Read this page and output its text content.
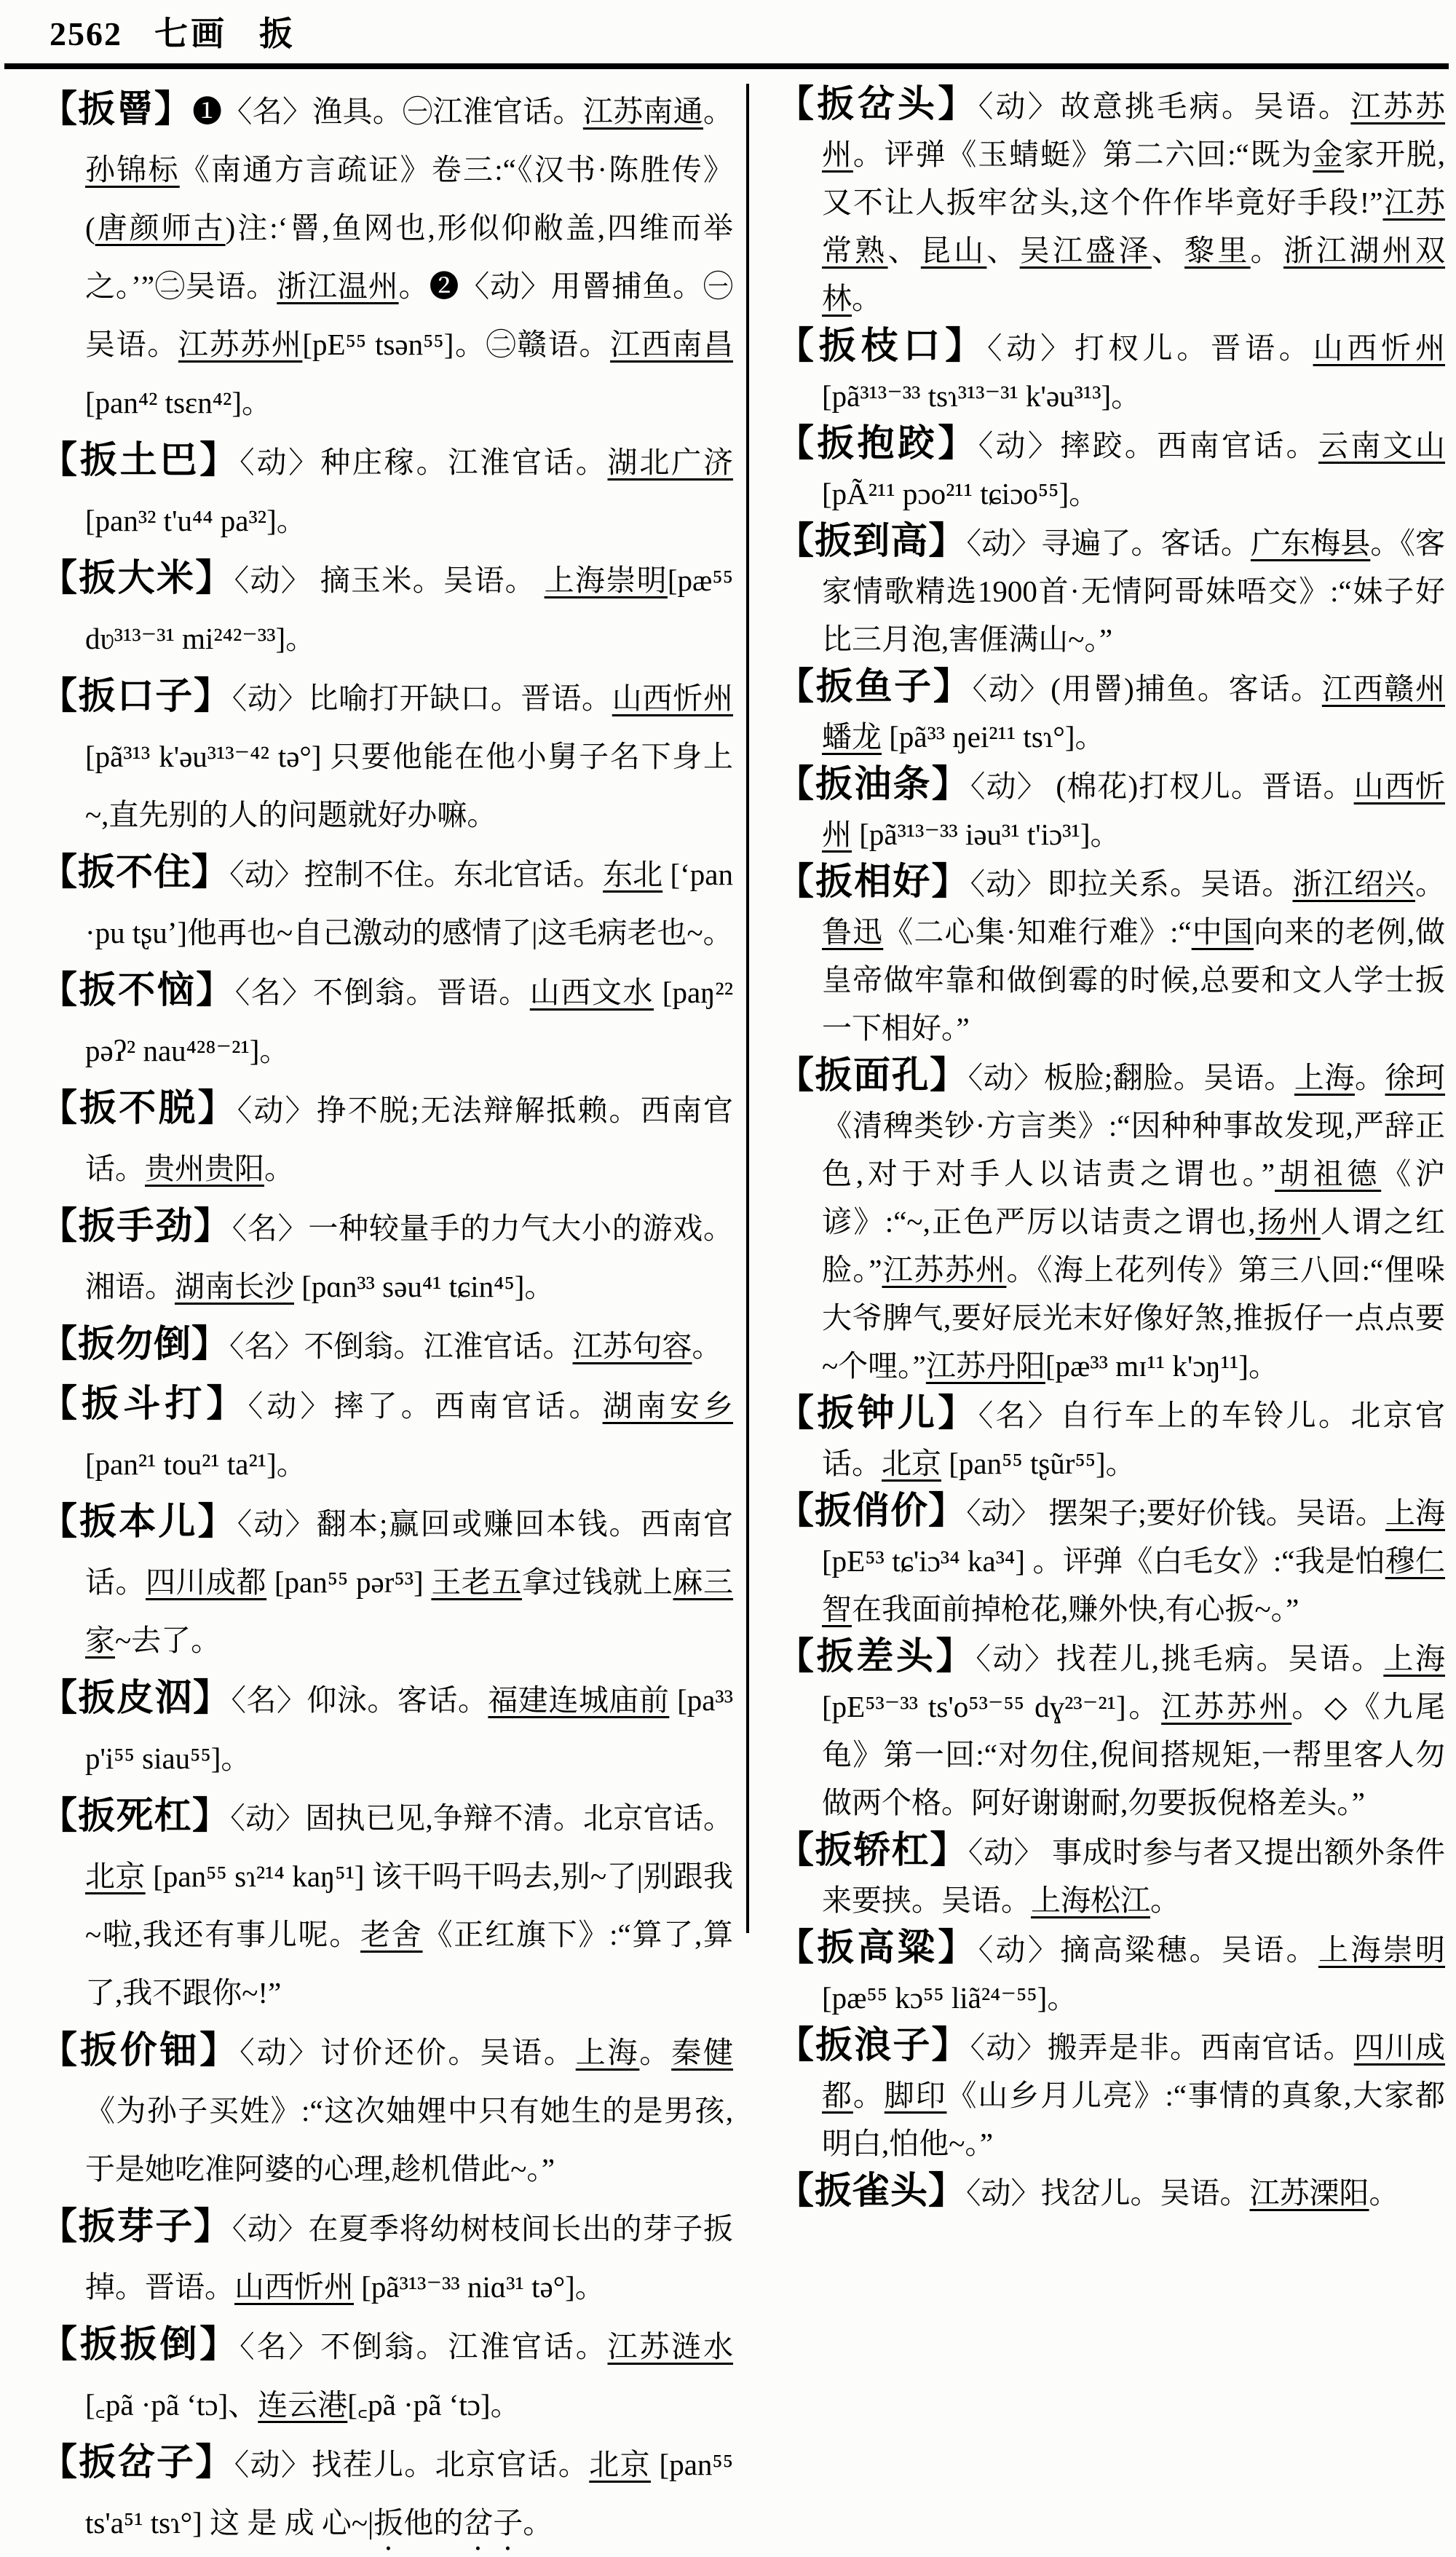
2562 七画 扳
【扳罾】❶〈名〉渔具。㊀江淮官话。江苏南通。孙锦标《南通方言疏证》卷三:“《汉书·陈胜传》(唐颜师古)注:‘罾,鱼网也,形似仰敝盖,四维而举之。’”㊁吴语。浙江温州。❷〈动〉用罾捕鱼。㊀吴语。江苏苏州[pE⁵⁵ tsən⁵⁵]。㊁赣语。江西南昌 [pan⁴² tsɛn⁴²]。
【扳土巴】〈动〉种庄稼。江淮官话。湖北广济[pan³² t'u⁴⁴ pa³²]。
【扳大米】〈动〉 摘玉米。吴语。 上海崇明[pæ⁵⁵ dʋ³¹³⁻³¹ mi²⁴²⁻³³]。
【扳口子】〈动〉比喻打开缺口。晋语。山西忻州[pã³¹³ k'əu³¹³⁻⁴² tə°] 只要他能在他小舅子名下身上~,直先别的人的问题就好办嘛。
【扳不住】〈动〉控制不住。东北官话。东北 [ʻpan ·pu tʂuʼ]他再也~自己激动的感情了|这毛病老也~。
【扳不恼】〈名〉不倒翁。晋语。山西文水 [paŋ²² pəʔ² nau⁴²⁸⁻²¹]。
【扳不脱】〈动〉挣不脱;无法辩解抵赖。西南官话。贵州贵阳。
【扳手劲】〈名〉一种较量手的力气大小的游戏。湘语。湖南长沙 [pɑn³³ səu⁴¹ tɕin⁴⁵]。
【扳勿倒】〈名〉不倒翁。江淮官话。江苏句容。
【扳斗打】〈动〉摔了。西南官话。湖南安乡 [pan²¹ tou²¹ ta²¹]。
【扳本儿】〈动〉翻本;赢回或赚回本钱。西南官话。四川成都 [pan⁵⁵ pər⁵³] 王老五拿过钱就上麻三家~去了。
【扳皮泅】〈名〉仰泳。客话。福建连城庙前 [pa³³ p'i⁵⁵ siau⁵⁵]。
【扳死杠】〈动〉固执已见,争辩不清。北京官话。北京 [pan⁵⁵ sɿ²¹⁴ kaŋ⁵¹] 该干吗干吗去,别~了|别跟我~啦,我还有事儿呢。老舍《正红旗下》:“算了,算了,我不跟你~!”
【扳价钿】〈动〉讨价还价。吴语。上海。秦健《为孙子买姓》:“这次妯娌中只有她生的是男孩,于是她吃准阿婆的心理,趁机借此~。”
【扳芽子】〈动〉在夏季将幼树枝间长出的芽子扳掉。晋语。山西忻州 [pã³¹³⁻³³ niɑ³¹ tə°]。
【扳扳倒】〈名〉不倒翁。江淮官话。江苏涟水 [꜀pã ·pã ʻtɔ]、连云港[꜀pã ·pã ʻtɔ]。
【扳岔子】〈动〉找茬儿。北京官话。北京 [pan⁵⁵ ts'a⁵¹ tsɿ°] 这 是 成 心~|扳他的岔子。
【扳岔头】〈动〉故意挑毛病。吴语。江苏苏州。评弹《玉蜻蜓》第二六回:“既为金家开脱,又不让人扳牢岔头,这个仵作毕竟好手段!”江苏常熟、昆山、吴江盛泽、黎里。浙江湖州双林。
【扳枝口】〈动〉打杈儿。晋语。山西忻州 [pã³¹³⁻³³ tsɿ³¹³⁻³¹ k'əu³¹³]。
【扳抱跤】〈动〉摔跤。西南官话。云南文山 [pÃ²¹¹ pɔo²¹¹ tɕiɔo⁵⁵]。
【扳到高】〈动〉寻遍了。客话。广东梅县。《客家情歌精选1900首·无情阿哥妹唔交》:“妹子好比三月泡,害𠊎满山~。”
【扳鱼子】〈动〉(用罾)捕鱼。客话。江西赣州蟠龙 [pã³³ ŋei²¹¹ tsɿ°]。
【扳油条】〈动〉 (棉花)打杈儿。晋语。山西忻州 [pã³¹³⁻³³ iəu³¹ t'iɔ³¹]。
【扳相好】〈动〉即拉关系。吴语。浙江绍兴。鲁迅《二心集·知难行难》:“中国向来的老例,做皇帝做牢靠和做倒霉的时候,总要和文人学士扳一下相好。”
【扳面孔】〈动〉板脸;翻脸。吴语。上海。徐珂《清稗类钞·方言类》:“因种种事故发现,严辞正色,对于对手人以诘责之谓也。”胡祖德《沪谚》:“~,正色严厉以诘责之谓也,扬州人谓之红脸。”江苏苏州。《海上花列传》第三八回:“俚哚大爷脾气,要好辰光末好像好煞,推扳仔一点点要~个哩。”江苏丹阳[pæ³³ mɪ¹¹ k'ɔŋ¹¹]。
【扳钟儿】〈名〉自行车上的车铃儿。北京官话。北京 [pan⁵⁵ tʂũr⁵⁵]。
【扳俏价】〈动〉 摆架子;要好价钱。吴语。上海[pE⁵³ tɕ'iɔ³⁴ ka³⁴] 。评弹《白毛女》:“我是怕穆仁智在我面前掉枪花,赚外快,有心扳~。”
【扳差头】〈动〉找茬儿,挑毛病。吴语。上海[pE⁵³⁻³³ ts'o⁵³⁻⁵⁵ dɣ²³⁻²¹]。江苏苏州。◇《九尾龟》第一回:“对勿住,倪间搭规矩,一帮里客人勿做两个格。阿好谢谢耐,勿要扳倪格差头。”
【扳轿杠】〈动〉 事成时参与者又提出额外条件来要挟。吴语。上海松江。
【扳高粱】〈动〉摘高粱穗。吴语。上海崇明[pæ⁵⁵ kɔ⁵⁵ liã²⁴⁻⁵⁵]。
【扳浪子】〈动〉搬弄是非。西南官话。四川成都。脚印《山乡月儿亮》:“事情的真象,大家都明白,怕他~。”
【扳雀头】〈动〉找岔儿。吴语。江苏溧阳。
